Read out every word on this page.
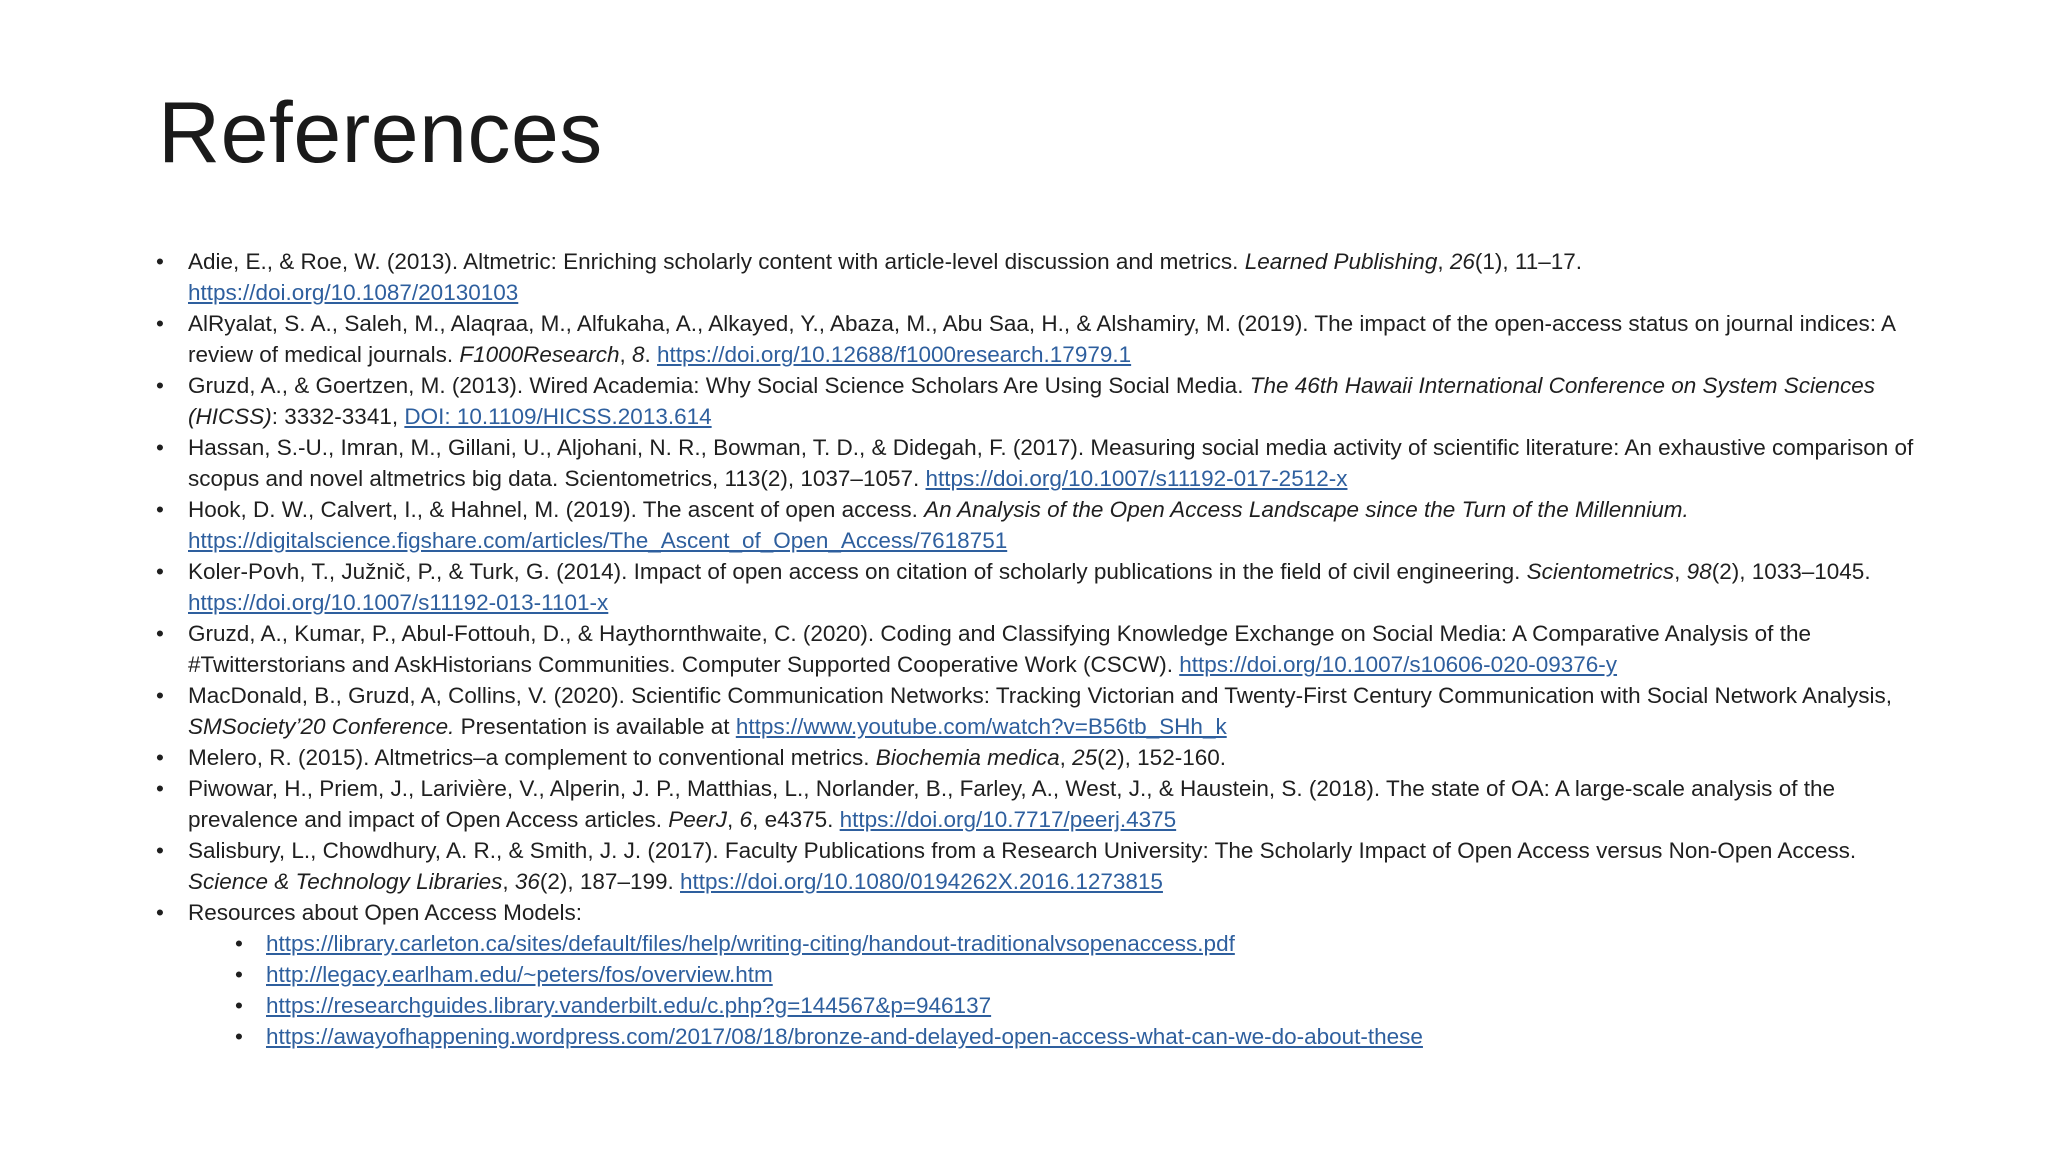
References
• Adie, E., & Roe, W. (2013). Altmetric: Enriching scholarly content with article-level discussion and metrics. Learned Publishing, 26(1), 11–17. https://doi.org/10.1087/20130103
• AlRyalat, S. A., Saleh, M., Alaqraa, M., Alfukaha, A., Alkayed, Y., Abaza, M., Abu Saa, H., & Alshamiry, M. (2019). The impact of the open-access status on journal indices: A review of medical journals. F1000Research, 8. https://doi.org/10.12688/f1000research.17979.1
• Gruzd, A., & Goertzen, M. (2013). Wired Academia: Why Social Science Scholars Are Using Social Media. The 46th Hawaii International Conference on System Sciences (HICSS): 3332-3341, DOI: 10.1109/HICSS.2013.614
• Hassan, S.-U., Imran, M., Gillani, U., Aljohani, N. R., Bowman, T. D., & Didegah, F. (2017). Measuring social media activity of scientific literature: An exhaustive comparison of scopus and novel altmetrics big data. Scientometrics, 113(2), 1037–1057. https://doi.org/10.1007/s11192-017-2512-x
• Hook, D. W., Calvert, I., & Hahnel, M. (2019). The ascent of open access. An Analysis of the Open Access Landscape since the Turn of the Millennium. https://digitalscience.figshare.com/articles/The_Ascent_of_Open_Access/7618751
• Koler-Povh, T., Južnič, P., & Turk, G. (2014). Impact of open access on citation of scholarly publications in the field of civil engineering. Scientometrics, 98(2), 1033–1045. https://doi.org/10.1007/s11192-013-1101-x
• Gruzd, A., Kumar, P., Abul-Fottouh, D., & Haythornthwaite, C. (2020). Coding and Classifying Knowledge Exchange on Social Media: A Comparative Analysis of the #Twitterstorians and AskHistorians Communities. Computer Supported Cooperative Work (CSCW). https://doi.org/10.1007/s10606-020-09376-y
• MacDonald, B., Gruzd, A, Collins, V. (2020). Scientific Communication Networks: Tracking Victorian and Twenty-First Century Communication with Social Network Analysis, SMSociety’20 Conference. Presentation is available at https://www.youtube.com/watch?v=B56tb_SHh_k
• Melero, R. (2015). Altmetrics–a complement to conventional metrics. Biochemia medica, 25(2), 152-160.
• Piwowar, H., Priem, J., Larivière, V., Alperin, J. P., Matthias, L., Norlander, B., Farley, A., West, J., & Haustein, S. (2018). The state of OA: A large-scale analysis of the prevalence and impact of Open Access articles. PeerJ, 6, e4375. https://doi.org/10.7717/peerj.4375
• Salisbury, L., Chowdhury, A. R., & Smith, J. J. (2017). Faculty Publications from a Research University: The Scholarly Impact of Open Access versus Non-Open Access. Science & Technology Libraries, 36(2), 187–199. https://doi.org/10.1080/0194262X.2016.1273815
• Resources about Open Access Models:
• https://library.carleton.ca/sites/default/files/help/writing-citing/handout-traditionalvsopenaccess.pdf
• http://legacy.earlham.edu/~peters/fos/overview.htm
• https://researchguides.library.vanderbilt.edu/c.php?g=144567&p=946137
• https://awayofhappening.wordpress.com/2017/08/18/bronze-and-delayed-open-access-what-can-we-do-about-these
